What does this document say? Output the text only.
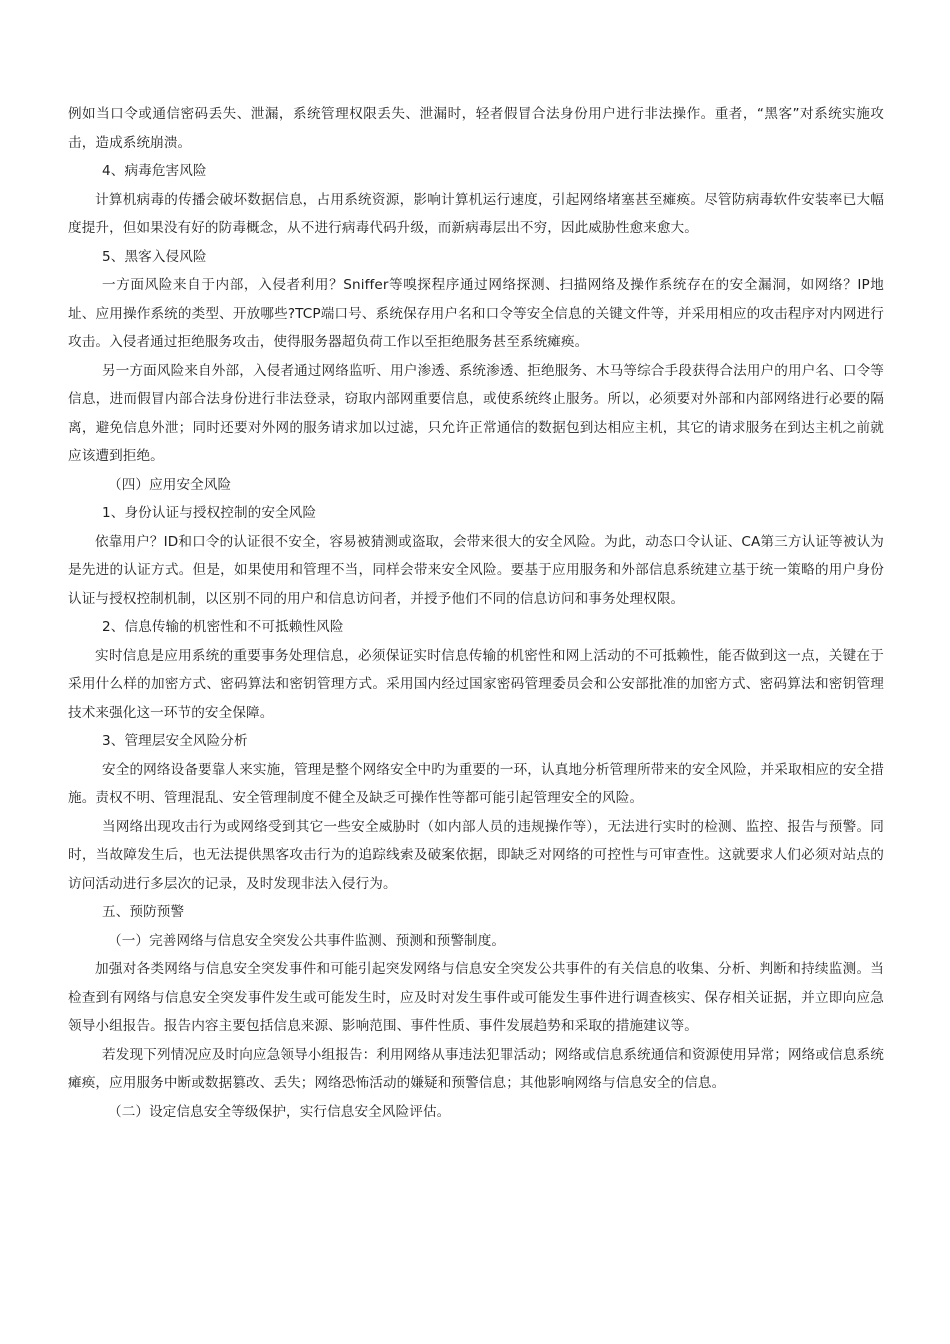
例如当口令或通信密码丢失、泄漏，系统管理权限丢失、泄漏时，轻者假冒合法身份用户进行非法操作。重者，“黑客”对系统实施攻击，造成系统崩溃。

4、病毒危害风险

计算机病毒的传播会破坏数据信息，占用系统资源，影响计算机运行速度，引起网络堵塞甚至瘫痪。尽管防病毒软件安装率已大幅度提升，但如果没有好的防毒概念，从不进行病毒代码升级，而新病毒层出不穷，因此威胁性愈来愈大。

5、黑客入侵风险

一方面风险来自于内部，入侵者利用？Sniffer等嗅探程序通过网络探测、扫描网络及操作系统存在的安全漏洞，如网络？IP地址、应用操作系统的类型、开放哪些?TCP端口号、系统保存用户名和口令等安全信息的关键文件等，并采用相应的攻击程序对内网进行攻击。入侵者通过拒绝服务攻击，使得服务器超负荷工作以至拒绝服务甚至系统瘫痪。

另一方面风险来自外部，入侵者通过网络监听、用户渗透、系统渗透、拒绝服务、木马等综合手段获得合法用户的用户名、口令等信息，进而假冒内部合法身份进行非法登录，窃取内部网重要信息，或使系统终止服务。所以，必须要对外部和内部网络进行必要的隔离，避免信息外泄；同时还要对外网的服务请求加以过滤，只允许正常通信的数据包到达相应主机，其它的请求服务在到达主机之前就应该遭到拒绝。

（四）应用安全风险

1、身份认证与授权控制的安全风险

依靠用户？ID和口令的认证很不安全，容易被猜测或盗取，会带来很大的安全风险。为此，动态口令认证、CA第三方认证等被认为是先进的认证方式。但是，如果使用和管理不当，同样会带来安全风险。要基于应用服务和外部信息系统建立基于统一策略的用户身份认证与授权控制机制，以区别不同的用户和信息访问者，并授予他们不同的信息访问和事务处理权限。

2、信息传输的机密性和不可抵赖性风险

实时信息是应用系统的重要事务处理信息，必须保证实时信息传输的机密性和网上活动的不可抵赖性，能否做到这一点，关键在于采用什么样的加密方式、密码算法和密钥管理方式。采用国内经过国家密码管理委员会和公安部批准的加密方式、密码算法和密钥管理技术来强化这一环节的安全保障。

3、管理层安全风险分析

安全的网络设备要靠人来实施，管理是整个网络安全中旳为重要的一环，认真地分析管理所带来的安全风险，并采取相应的安全措施。责权不明、管理混乱、安全管理制度不健全及缺乏可操作性等都可能引起管理安全的风险。

当网络出现攻击行为或网络受到其它一些安全威胁时（如内部人员的违规操作等），无法进行实时的检测、监控、报告与预警。同时，当故障发生后，也无法提供黑客攻击行为的追踪线索及破案依据，即缺乏对网络的可控性与可审查性。这就要求人们必须对站点的访问活动进行多层次的记录，及时发现非法入侵行为。

五、预防预警

（一）完善网络与信息安全突发公共事件监测、预测和预警制度。

加强对各类网络与信息安全突发事件和可能引起突发网络与信息安全突发公共事件的有关信息的收集、分析、判断和持续监测。当检查到有网络与信息安全突发事件发生或可能发生时，应及时对发生事件或可能发生事件进行调查核实、保存相关证据，并立即向应急领导小组报告。报告内容主要包括信息来源、影响范围、事件性质、事件发展趋势和采取的措施建议等。

若发现下列情况应及时向应急领导小组报告：利用网络从事违法犯罪活动；网络或信息系统通信和资源使用异常；网络或信息系统瘫痪，应用服务中断或数据篡改、丢失；网络恐怖活动的嫌疑和预警信息；其他影响网络与信息安全的信息。

（二）设定信息安全等级保护，实行信息安全风险评估。
